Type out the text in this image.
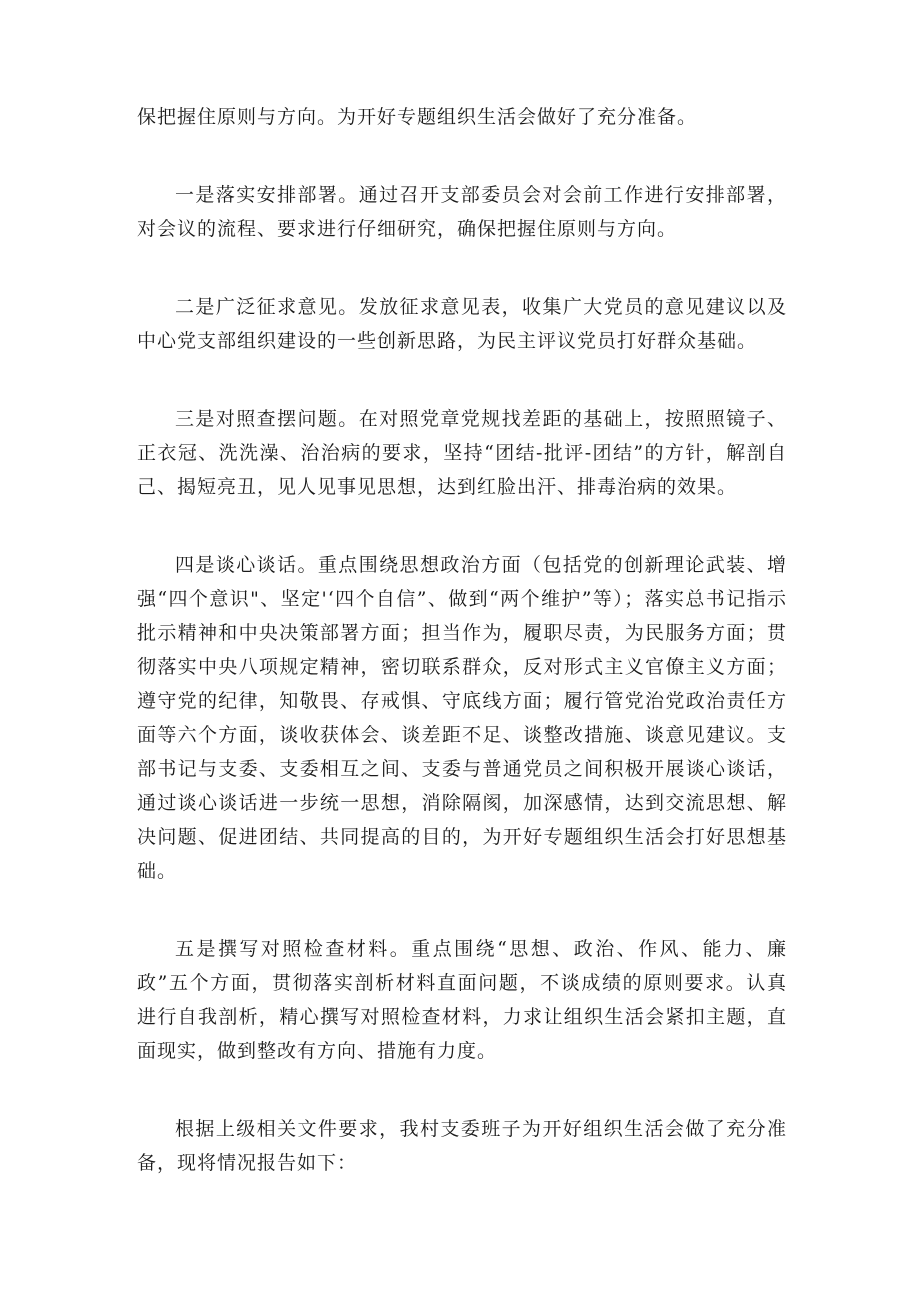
保把握住原则与方向。为开好专题组织生活会做好了充分准备。

一是落实安排部署。通过召开支部委员会对会前工作进行安排部署，对会议的流程、要求进行仔细研究，确保把握住原则与方向。

二是广泛征求意见。发放征求意见表，收集广大党员的意见建议以及中心党支部组织建设的一些创新思路，为民主评议党员打好群众基础。

三是对照查摆问题。在对照党章党规找差距的基础上，按照照镜子、正衣冠、洗洗澡、治治病的要求，坚持“团结-批评-团结”的方针，解剖自己、揭短亮丑，见人见事见思想，达到红脸出汗、排毒治病的效果。

四是谈心谈话。重点围绕思想政治方面（包括党的创新理论武装、增强“四个意识"、坚定'‘四个自信”、做到“两个维护”等）；落实总书记指示批示精神和中央决策部署方面；担当作为，履职尽责，为民服务方面；贯彻落实中央八项规定精神，密切联系群众，反对形式主义官僚主义方面；遵守党的纪律，知敬畏、存戒惧、守底线方面；履行管党治党政治责任方面等六个方面，谈收获体会、谈差距不足、谈整改措施、谈意见建议。支部书记与支委、支委相互之间、支委与普通党员之间积极开展谈心谈话，通过谈心谈话进一步统一思想，消除隔阂，加深感情，达到交流思想、解决问题、促进团结、共同提高的目的，为开好专题组织生活会打好思想基础。

五是撰写对照检查材料。重点围绕“思想、政治、作风、能力、廉政”五个方面，贯彻落实剖析材料直面问题，不谈成绩的原则要求。认真进行自我剖析，精心撰写对照检查材料，力求让组织生活会紧扣主题，直面现实，做到整改有方向、措施有力度。

根据上级相关文件要求，我村支委班子为开好组织生活会做了充分准备，现将情况报告如下：
